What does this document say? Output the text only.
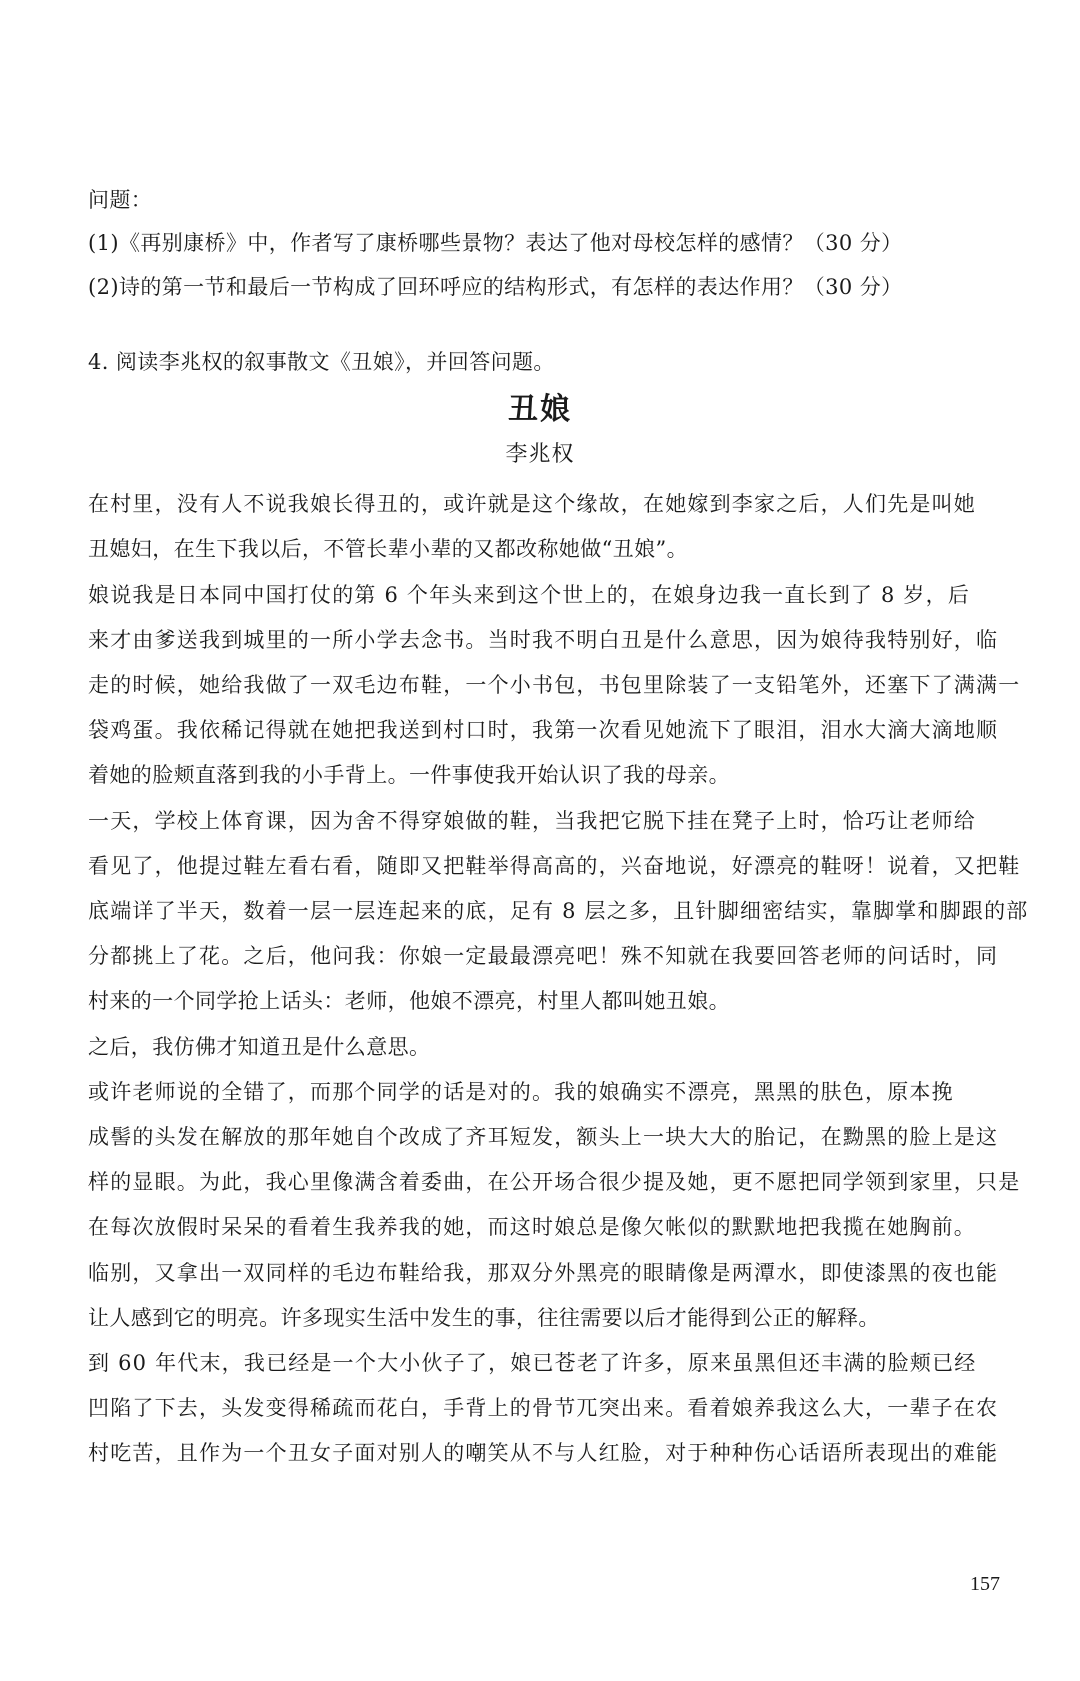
问题：
(1)《再别康桥》中，作者写了康桥哪些景物？表达了他对母校怎样的感情？（30 分）
(2)诗的第一节和最后一节构成了回环呼应的结构形式，有怎样的表达作用？（30 分）
4. 阅读李兆权的叙事散文《丑娘》，并回答问题。
丑娘
李兆权
在村里，没有人不说我娘长得丑的，或许就是这个缘故，在她嫁到李家之后，人们先是叫她
丑媳妇，在生下我以后，不管长辈小辈的又都改称她做“丑娘”。
娘说我是日本同中国打仗的第 6 个年头来到这个世上的，在娘身边我一直长到了 8 岁，后
来才由爹送我到城里的一所小学去念书。当时我不明白丑是什么意思，因为娘待我特别好，临
走的时候，她给我做了一双毛边布鞋，一个小书包，书包里除装了一支铅笔外，还塞下了满满一
袋鸡蛋。我依稀记得就在她把我送到村口时，我第一次看见她流下了眼泪，泪水大滴大滴地顺
着她的脸颊直落到我的小手背上。一件事使我开始认识了我的母亲。
一天，学校上体育课，因为舍不得穿娘做的鞋，当我把它脱下挂在凳子上时，恰巧让老师给
看见了，他提过鞋左看右看，随即又把鞋举得高高的，兴奋地说，好漂亮的鞋呀！说着，又把鞋
底端详了半天，数着一层一层连起来的底，足有 8 层之多，且针脚细密结实，靠脚掌和脚跟的部
分都挑上了花。之后，他问我：你娘一定最最漂亮吧！殊不知就在我要回答老师的问话时，同
村来的一个同学抢上话头：老师，他娘不漂亮，村里人都叫她丑娘。
之后，我仿佛才知道丑是什么意思。
或许老师说的全错了，而那个同学的话是对的。我的娘确实不漂亮，黑黑的肤色，原本挽
成髻的头发在解放的那年她自个改成了齐耳短发，额头上一块大大的胎记，在黝黑的脸上是这
样的显眼。为此，我心里像满含着委曲，在公开场合很少提及她，更不愿把同学领到家里，只是
在每次放假时呆呆的看着生我养我的她，而这时娘总是像欠帐似的默默地把我揽在她胸前。
临别，又拿出一双同样的毛边布鞋给我，那双分外黑亮的眼睛像是两潭水，即使漆黑的夜也能
让人感到它的明亮。许多现实生活中发生的事，往往需要以后才能得到公正的解释。
到 60 年代末，我已经是一个大小伙子了，娘已苍老了许多，原来虽黑但还丰满的脸颊已经
凹陷了下去，头发变得稀疏而花白，手背上的骨节兀突出来。看着娘养我这么大，一辈子在农
村吃苦，且作为一个丑女子面对别人的嘲笑从不与人红脸，对于种种伤心话语所表现出的难能
157
